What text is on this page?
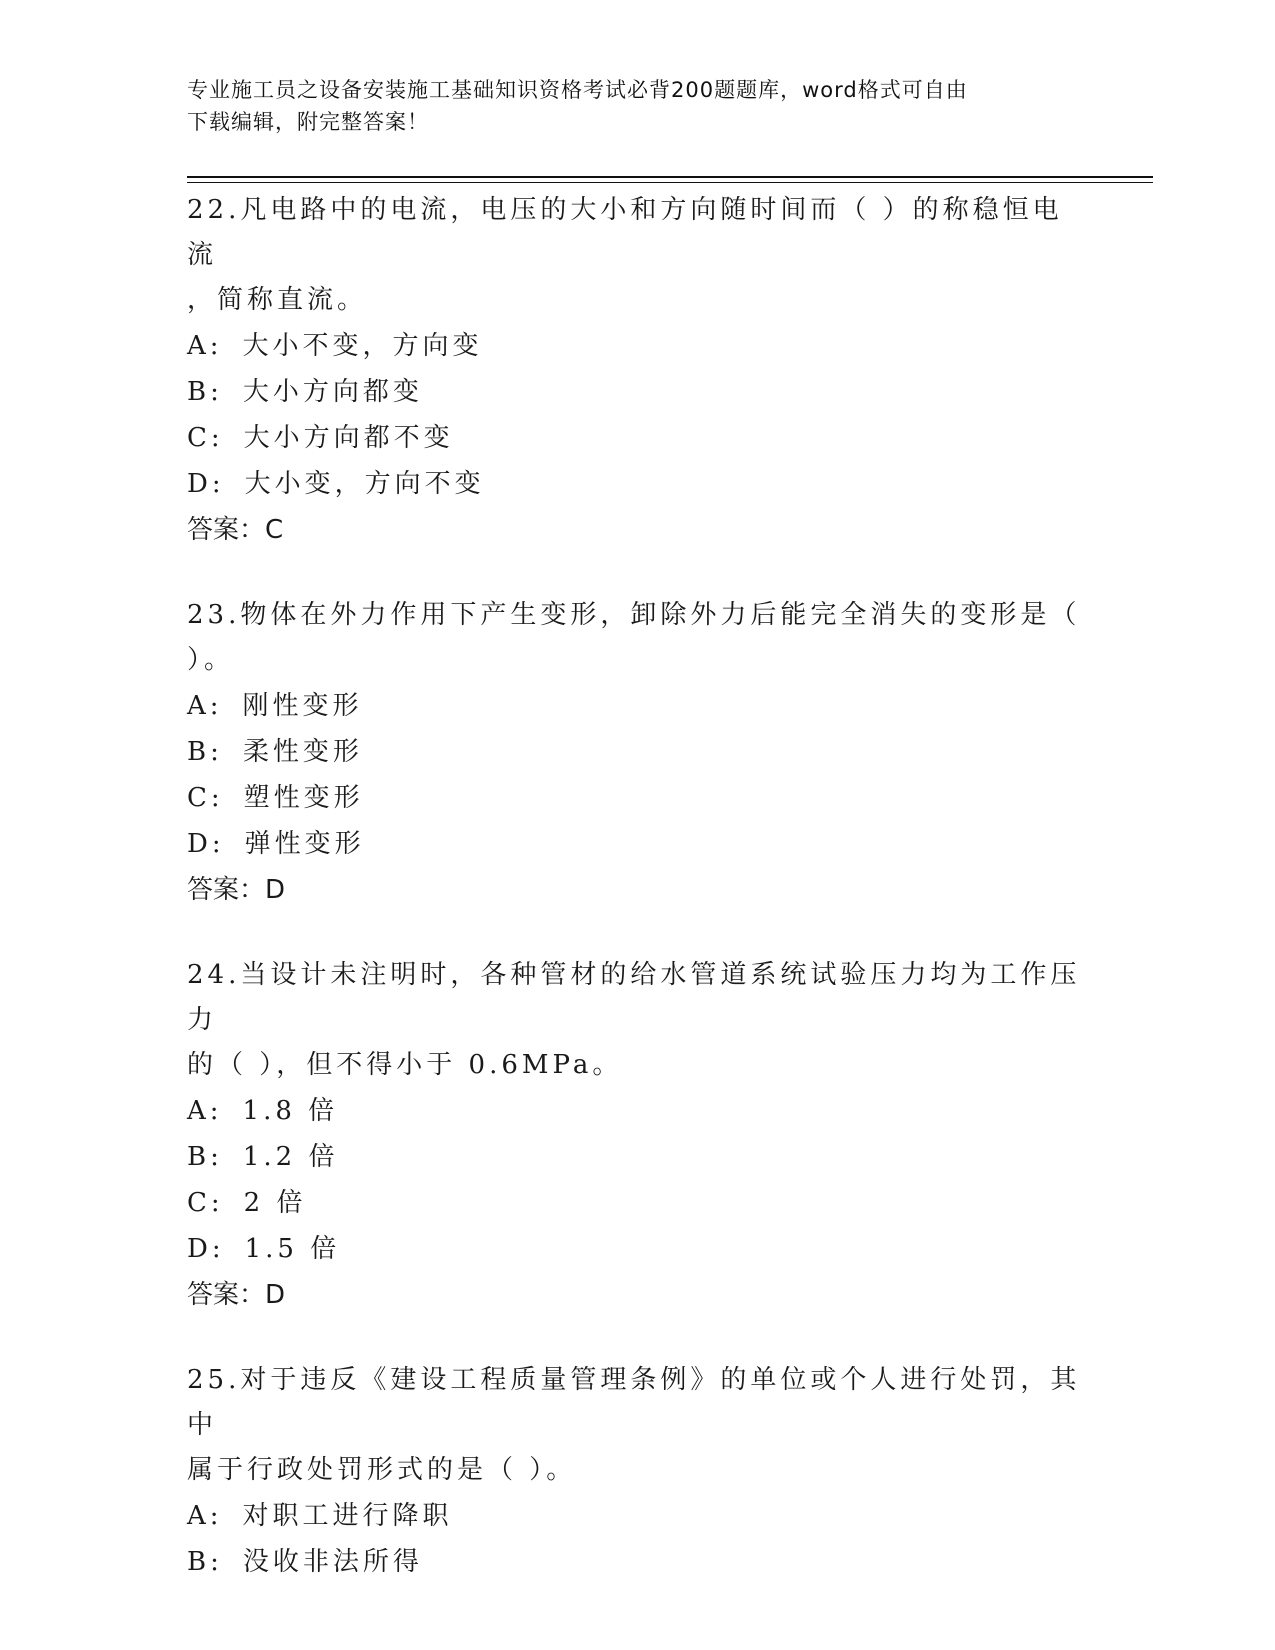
专业施工员之设备安装施工基础知识资格考试必背200题题库，word格式可自由
下载编辑，附完整答案！

22.凡电路中的电流，电压的大小和方向随时间而（ ）的称稳恒电流

，简称直流。

A: 大小不变，方向变

B: 大小方向都变

C: 大小方向都不变

D: 大小变，方向不变

答案：C

23.物体在外力作用下产生变形，卸除外力后能完全消失的变形是（

）。

A: 刚性变形

B: 柔性变形

C: 塑性变形

D: 弹性变形

答案：D

24.当设计未注明时，各种管材的给水管道系统试验压力均为工作压力

的（ ），但不得小于 0.6MPa。

A: 1.8 倍

B: 1.2 倍

C: 2 倍

D: 1.5 倍

答案：D

25.对于违反《建设工程质量管理条例》的单位或个人进行处罚，其中

属于行政处罚形式的是（ ）。

A: 对职工进行降职

B: 没收非法所得
